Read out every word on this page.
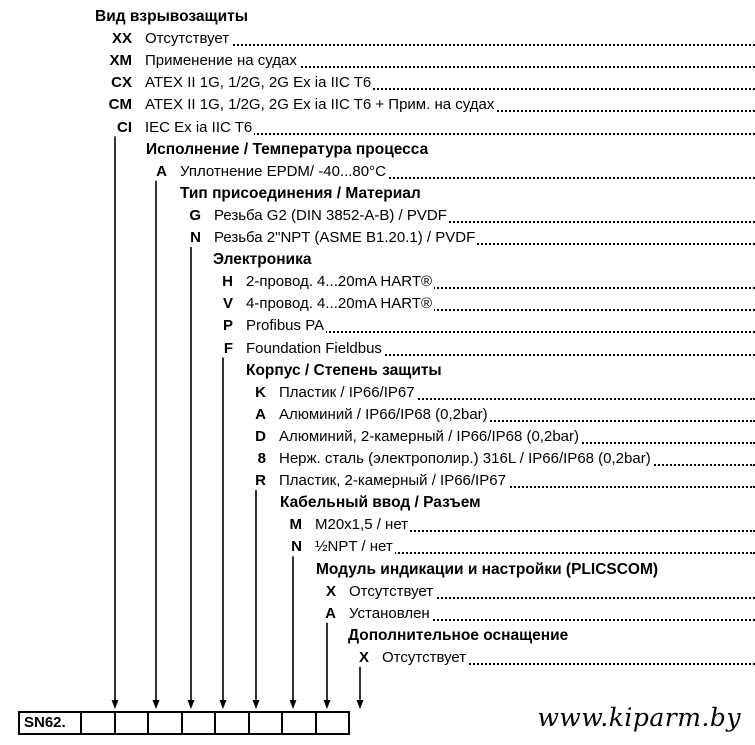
Вид взрывозащиты
XX Отсутствует
XM Применение на судах
CX ATEX II 1G, 1/2G, 2G Ex ia IIC T6
CM ATEX II 1G, 1/2G, 2G Ex ia IIC T6 + Прим. на судах
CI IEC Ex ia IIC T6
Исполнение / Температура процесса
A Уплотнение EPDM/ -40...80°C
Тип присоединения / Материал
G Резьба G2 (DIN 3852-A-B) / PVDF
N Резьба 2"NPT (ASME B1.20.1) / PVDF
Электроника
H 2-провод. 4...20mA HART®
V 4-провод. 4...20mA HART®
P Profibus PA
F Foundation Fieldbus
Корпус / Степень защиты
K Пластик / IP66/IP67
A Алюминий / IP66/IP68 (0,2bar)
D Алюминий, 2-камерный / IP66/IP68 (0,2bar)
8 Нерж. сталь (электрополир.) 316L / IP66/IP68 (0,2bar)
R Пластик, 2-камерный / IP66/IP67
Кабельный ввод / Разъем
M M20x1,5 / нет
N ½NPT / нет
Модуль индикации и настройки (PLICSCOM)
X Отсутствует
A Установлен
Дополнительное оснащение
X Отсутствует
SN62.	www.kiparm.by
